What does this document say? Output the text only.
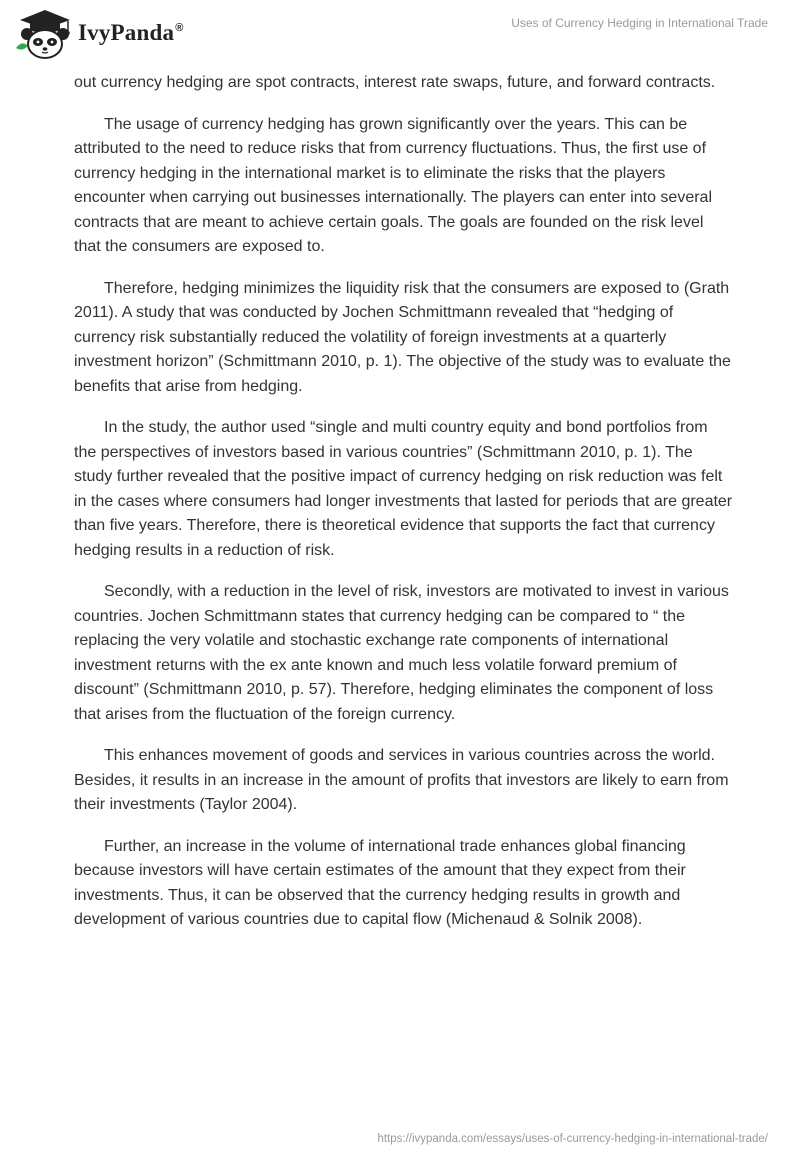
IvyPanda®	Uses of Currency Hedging in International Trade

out currency hedging are spot contracts, interest rate swaps, future, and forward contracts.

The usage of currency hedging has grown significantly over the years. This can be attributed to the need to reduce risks that from currency fluctuations. Thus, the first use of currency hedging in the international market is to eliminate the risks that the players encounter when carrying out businesses internationally. The players can enter into several contracts that are meant to achieve certain goals. The goals are founded on the risk level that the consumers are exposed to.

Therefore, hedging minimizes the liquidity risk that the consumers are exposed to (Grath 2011). A study that was conducted by Jochen Schmittmann revealed that “hedging of currency risk substantially reduced the volatility of foreign investments at a quarterly investment horizon” (Schmittmann 2010, p. 1). The objective of the study was to evaluate the benefits that arise from hedging.

In the study, the author used “single and multi country equity and bond portfolios from the perspectives of investors based in various countries” (Schmittmann 2010, p. 1). The study further revealed that the positive impact of currency hedging on risk reduction was felt in the cases where consumers had longer investments that lasted for periods that are greater than five years. Therefore, there is theoretical evidence that supports the fact that currency hedging results in a reduction of risk.

Secondly, with a reduction in the level of risk, investors are motivated to invest in various countries. Jochen Schmittmann states that currency hedging can be compared to “ the replacing the very volatile and stochastic exchange rate components of international investment returns with the ex ante known and much less volatile forward premium of discount” (Schmittmann 2010, p. 57). Therefore, hedging eliminates the component of loss that arises from the fluctuation of the foreign currency.

This enhances movement of goods and services in various countries across the world. Besides, it results in an increase in the amount of profits that investors are likely to earn from their investments (Taylor 2004).

Further, an increase in the volume of international trade enhances global financing because investors will have certain estimates of the amount that they expect from their investments. Thus, it can be observed that the currency hedging results in growth and development of various countries due to capital flow (Michenaud & Solnik 2008).

https://ivypanda.com/essays/uses-of-currency-hedging-in-international-trade/
